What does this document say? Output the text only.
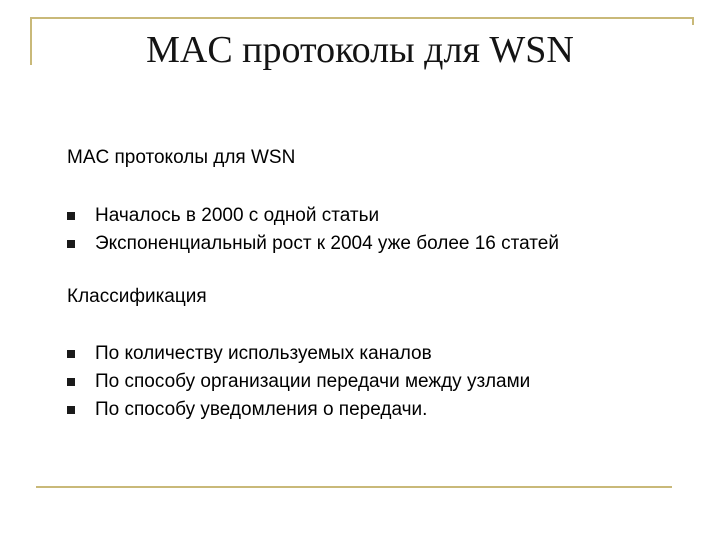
MAC протоколы для WSN
MAC протоколы для WSN
Началось в 2000 с одной статьи
Экспоненциальный рост к 2004 уже более 16 статей
Классификация
По количеству используемых каналов
По способу организации передачи между узлами
По способу уведомления о передачи.
